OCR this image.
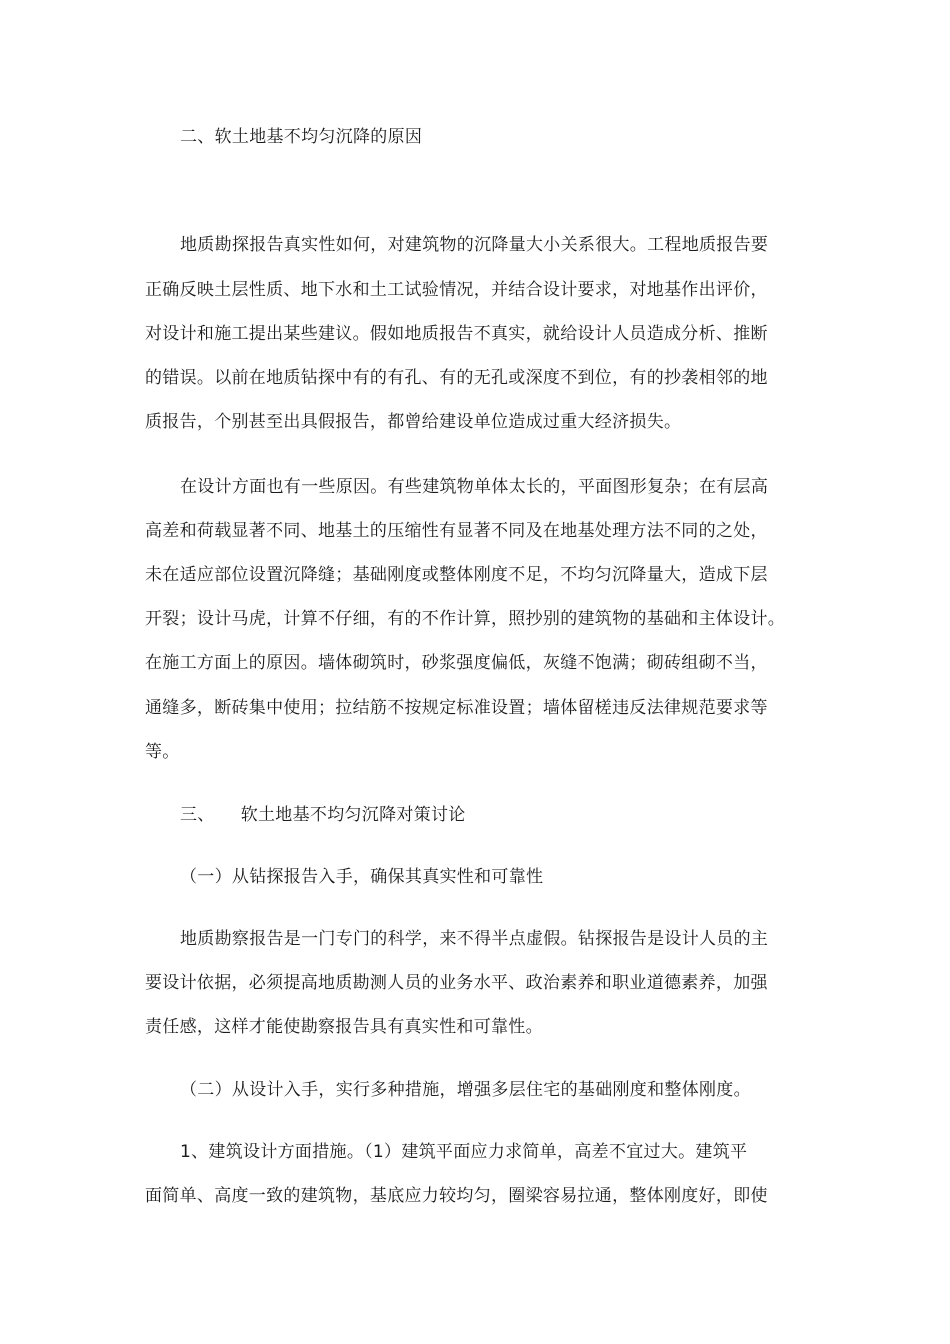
二、软土地基不均匀沉降的原因
地质勘探报告真实性如何，对建筑物的沉降量大小关系很大。工程地质报告要
正确反映土层性质、地下水和土工试验情况，并结合设计要求，对地基作出评价，
对设计和施工提出某些建议。假如地质报告不真实，就给设计人员造成分析、推断
的错误。以前在地质钻探中有的有孔、有的无孔或深度不到位，有的抄袭相邻的地
质报告，个别甚至出具假报告，都曾给建设单位造成过重大经济损失。
在设计方面也有一些原因。有些建筑物单体太长的，平面图形复杂；在有层高
高差和荷载显著不同、地基土的压缩性有显著不同及在地基处理方法不同的之处，
未在适应部位设置沉降缝；基础刚度或整体刚度不足，不均匀沉降量大，造成下层
开裂；设计马虎，计算不仔细，有的不作计算，照抄别的建筑物的基础和主体设计。
在施工方面上的原因。墙体砌筑时，砂浆强度偏低，灰缝不饱满；砌砖组砌不当，
通缝多，断砖集中使用；拉结筋不按规定标准设置；墙体留槎违反法律规范要求等
等。
三、　　软土地基不均匀沉降对策讨论
（一）从钻探报告入手，确保其真实性和可靠性
地质勘察报告是一门专门的科学，来不得半点虚假。钻探报告是设计人员的主
要设计依据，必须提高地质勘测人员的业务水平、政治素养和职业道德素养，加强
责任感，这样才能使勘察报告具有真实性和可靠性。
（二）从设计入手，实行多种措施，增强多层住宅的基础刚度和整体刚度。
1、建筑设计方面措施。（1）建筑平面应力求简单，高差不宜过大。建筑平
面简单、高度一致的建筑物，基底应力较均匀，圈梁容易拉通，整体刚度好，即使
